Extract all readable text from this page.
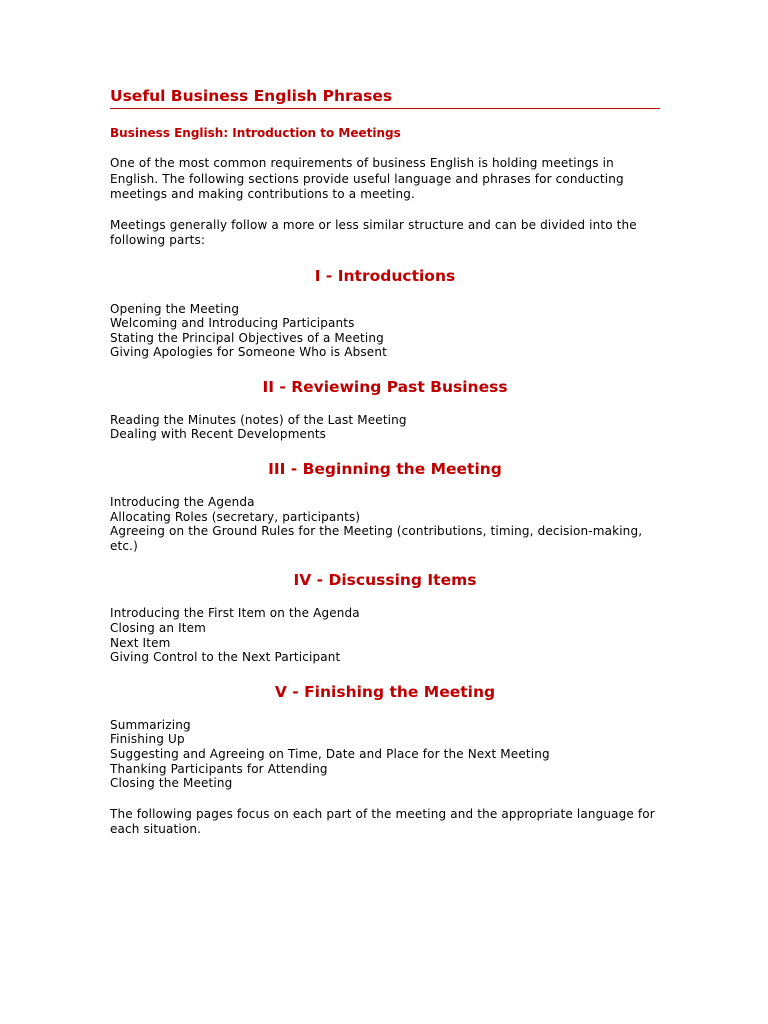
Useful Business English Phrases
Business English: Introduction to Meetings

One of the most common requirements of business English is holding meetings in English. The following sections provide useful language and phrases for conducting meetings and making contributions to a meeting.

Meetings generally follow a more or less similar structure and can be divided into the following parts:

I - Introductions
Opening the Meeting
Welcoming and Introducing Participants
Stating the Principal Objectives of a Meeting
Giving Apologies for Someone Who is Absent
II - Reviewing Past Business
Reading the Minutes (notes) of the Last Meeting
Dealing with Recent Developments
III - Beginning the Meeting
Introducing the Agenda
Allocating Roles (secretary, participants)
Agreeing on the Ground Rules for the Meeting (contributions, timing, decision-making, etc.)
IV - Discussing Items
Introducing the First Item on the Agenda
Closing an Item
Next Item
Giving Control to the Next Participant
V - Finishing the Meeting
Summarizing
Finishing Up
Suggesting and Agreeing on Time, Date and Place for the Next Meeting
Thanking Participants for Attending
Closing the Meeting

The following pages focus on each part of the meeting and the appropriate language for each situation.
